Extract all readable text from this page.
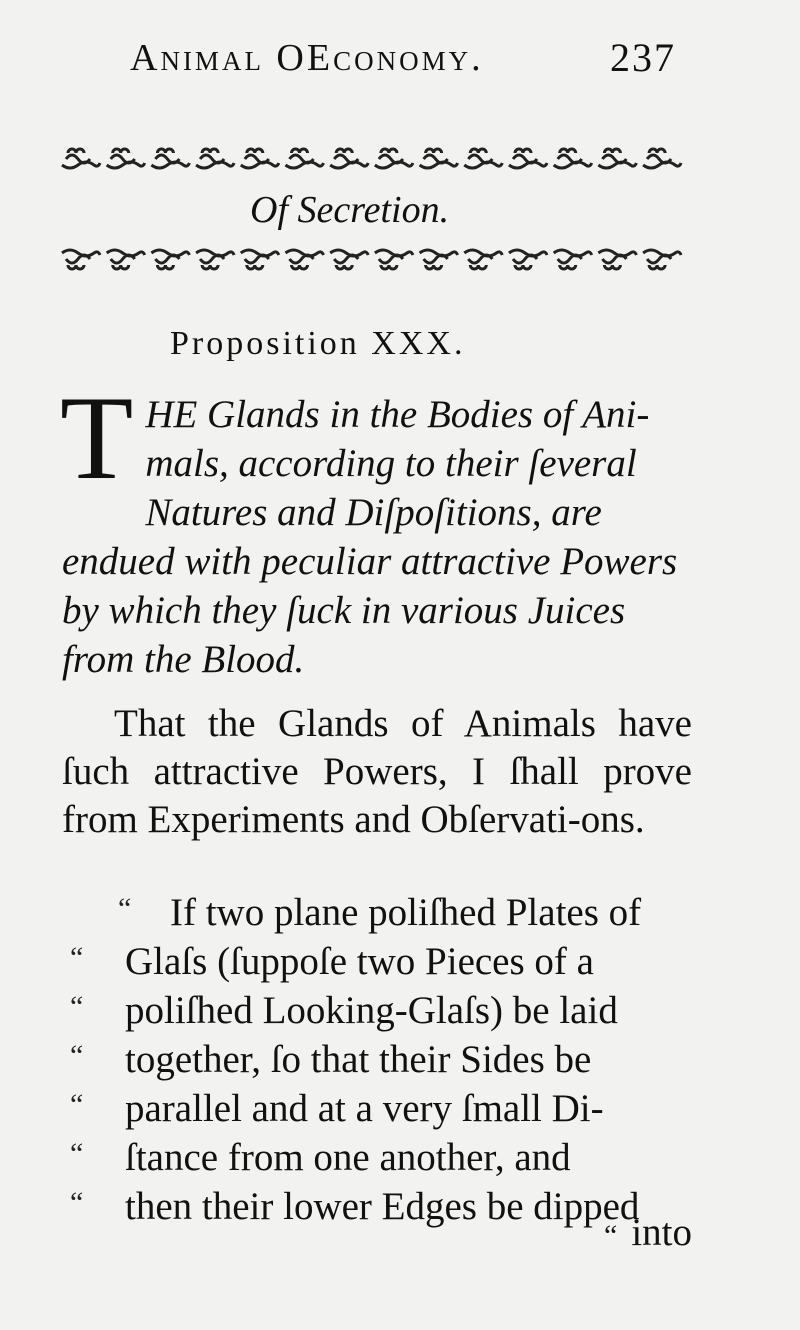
Animal OEconomy.	237
Of Secretion.
Proposition XXX.
T HE Glands in the Bodies of Ani-mals, according to their ſeveral Natures and Diſpoſitions, are endued with peculiar attractive Powers by which they ſuck in various Juices from the Blood.
That the Glands of Animals have ſuch attractive Powers, I ſhall prove from Experiments and Obſervati-ons.
“ If two plane poliſhed Plates of
“ Glaſs (ſuppoſe two Pieces of a
“ poliſhed Looking-Glaſs) be laid
“ together, ſo that their Sides be
“ parallel and at a very ſmall Di-
“ ſtance from one another, and
“ then their lower Edges be dipped
“ into
